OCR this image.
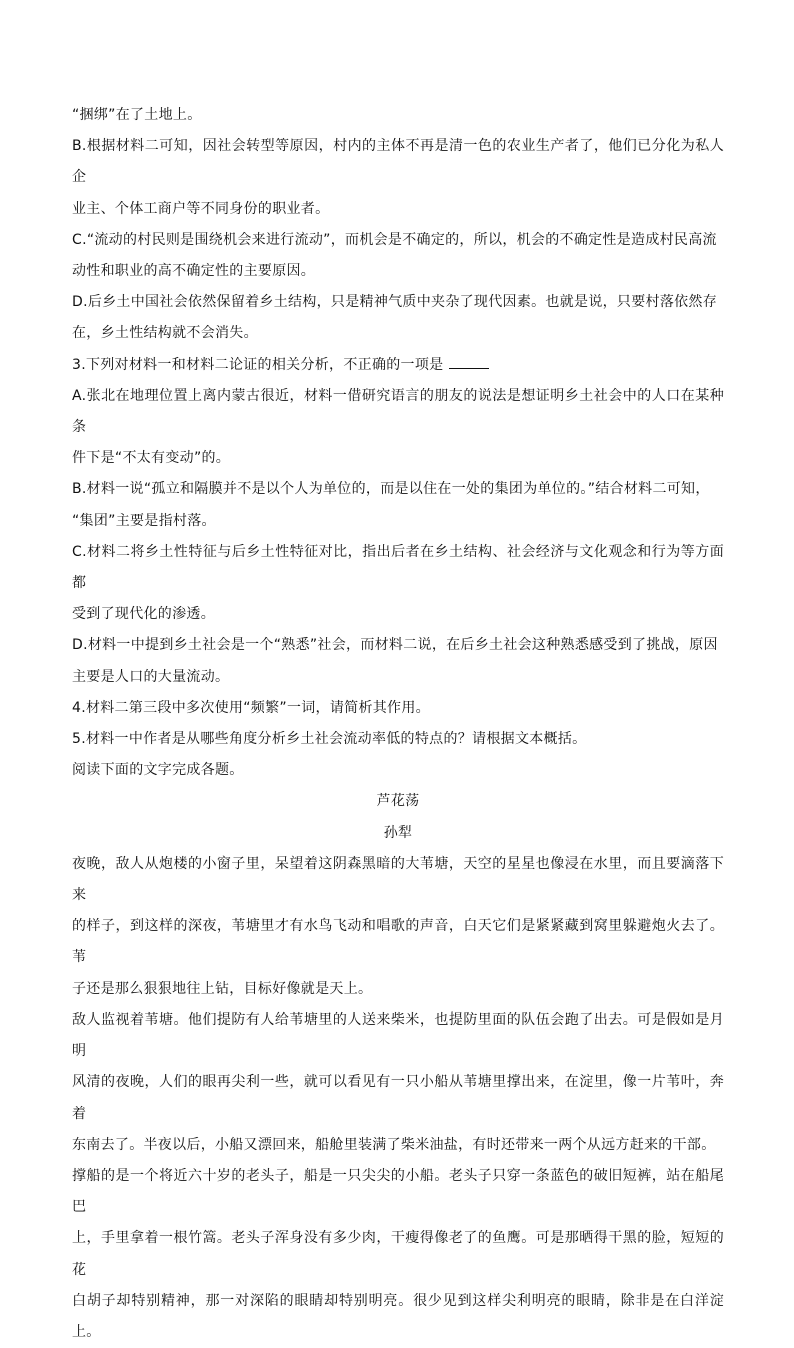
“捆绑”在了土地上。

B.根据材料二可知，因社会转型等原因，村内的主体不再是清一色的农业生产者了，他们已分化为私人企

业主、个体工商户等不同身份的职业者。

C.“流动的村民则是围绕机会来进行流动”，而机会是不确定的，所以，机会的不确定性是造成村民高流

动性和职业的高不确定性的主要原因。

D.后乡土中国社会依然保留着乡土结构，只是精神气质中夹杂了现代因素。也就是说，只要村落依然存

在，乡土性结构就不会消失。

3.下列对材料一和材料二论证的相关分析，不正确的一项是

A.张北在地理位置上离内蒙古很近，材料一借研究语言的朋友的说法是想证明乡土社会中的人口在某种条

件下是“不太有变动”的。

B.材料一说“孤立和隔膜并不是以个人为单位的，而是以住在一处的集团为单位的。”结合材料二可知，

“集团”主要是指村落。

C.材料二将乡土性特征与后乡土性特征对比，指出后者在乡土结构、社会经济与文化观念和行为等方面都

受到了现代化的渗透。

D.材料一中提到乡土社会是一个“熟悉”社会，而材料二说，在后乡土社会这种熟悉感受到了挑战，原因

主要是人口的大量流动。

4.材料二第三段中多次使用“频繁”一词，请简析其作用。

5.材料一中作者是从哪些角度分析乡土社会流动率低的特点的？请根据文本概括。

阅读下面的文字完成各题。

芦花荡

孙犁

夜晚，敌人从炮楼的小窗子里，呆望着这阴森黑暗的大苇塘，天空的星星也像浸在水里，而且要滴落下来

的样子，到这样的深夜，苇塘里才有水鸟飞动和唱歌的声音，白天它们是紧紧藏到窝里躲避炮火去了。苇

子还是那么狠狠地往上钻，目标好像就是天上。

敌人监视着苇塘。他们提防有人给苇塘里的人送来柴米，也提防里面的队伍会跑了出去。可是假如是月明

风清的夜晚，人们的眼再尖利一些，就可以看见有一只小船从苇塘里撑出来，在淀里，像一片苇叶，奔着

东南去了。半夜以后，小船又漂回来，船舱里装满了柴米油盐，有时还带来一两个从远方赶来的干部。

撑船的是一个将近六十岁的老头子，船是一只尖尖的小船。老头子只穿一条蓝色的破旧短裤，站在船尾巴

上，手里拿着一根竹篙。老头子浑身没有多少肉，干瘦得像老了的鱼鹰。可是那晒得干黑的脸，短短的花

白胡子却特别精神，那一对深陷的眼睛却特别明亮。很少见到这样尖利明亮的眼睛，除非是在白洋淀上。
